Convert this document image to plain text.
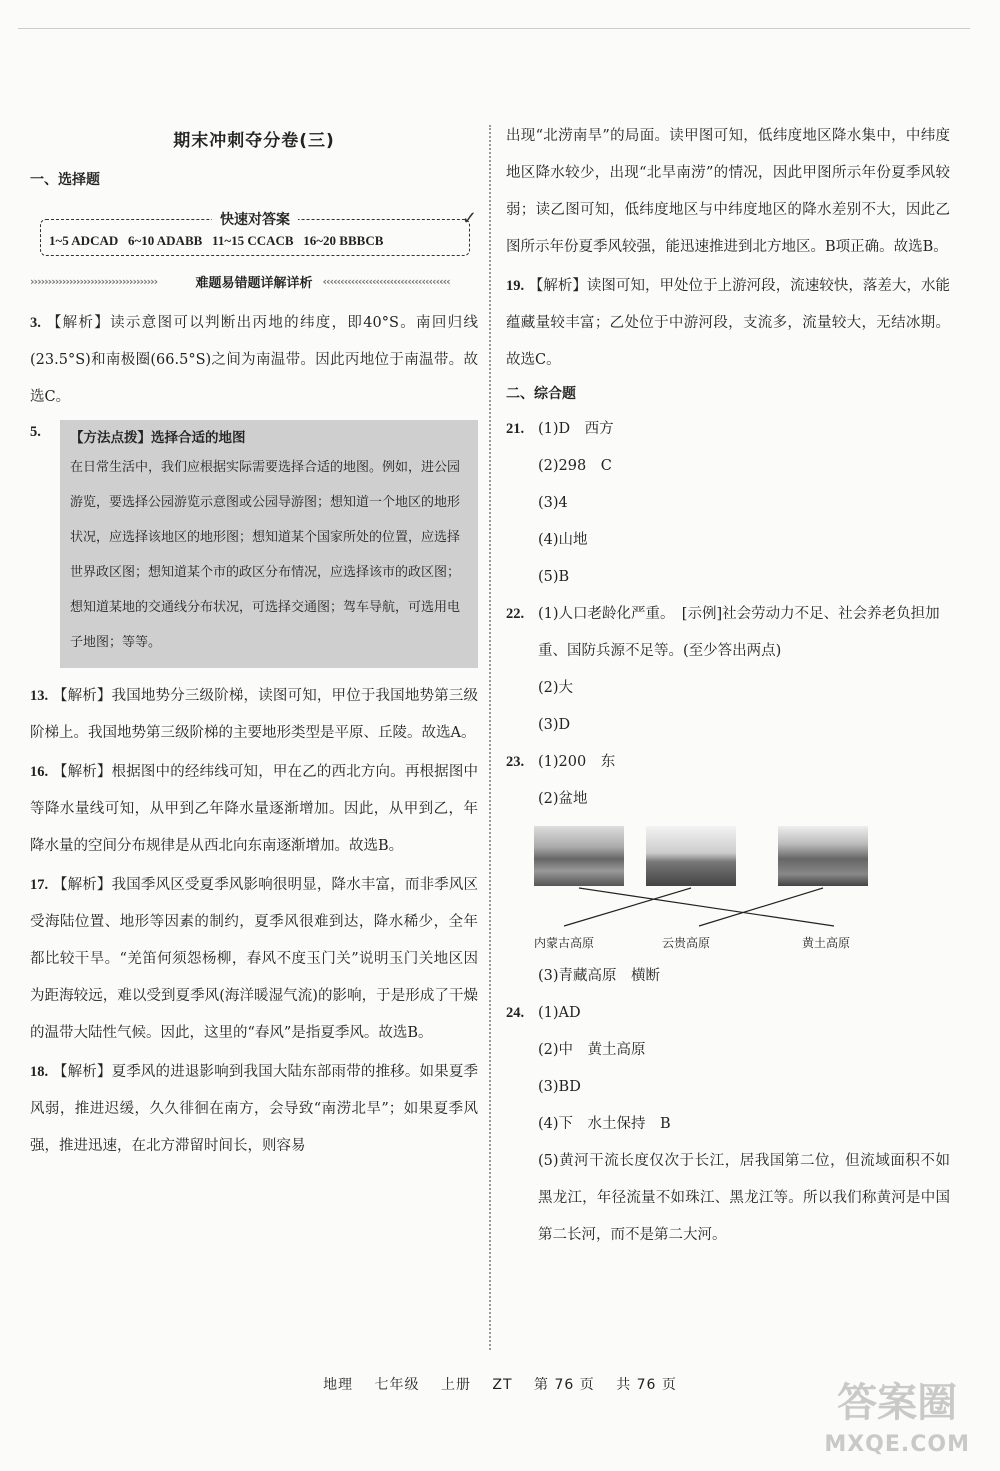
期末冲刺夺分卷(三)
一、选择题
快速对答案	✓
1~5 ADCAD   6~10 ADABB   11~15 CCACB   16~20 BBBCB
››››››››››››››››››››››››››››››››››››	难题易错题详解详析 ‹‹‹‹‹‹‹‹‹‹‹‹‹‹‹‹‹‹‹‹‹‹‹‹‹‹‹‹‹‹‹‹‹‹‹‹
3. 【解析】读示意图可以判断出丙地的纬度，即40°S。南回归线(23.5°S)和南极圈(66.5°S)之间为南温带。因此丙地位于南温带。故选C。
5. 【方法点拨】选择合适的地图
在日常生活中，我们应根据实际需要选择合适的地图。例如，进公园游览，要选择公园游览示意图或公园导游图；想知道一个地区的地形状况，应选择该地区的地形图；想知道某个国家所处的位置，应选择世界政区图；想知道某个市的政区分布情况，应选择该市的政区图；想知道某地的交通线分布状况，可选择交通图；驾车导航，可选用电子地图；等等。
13. 【解析】我国地势分三级阶梯，读图可知，甲位于我国地势第三级阶梯上。我国地势第三级阶梯的主要地形类型是平原、丘陵。故选A。
16. 【解析】根据图中的经纬线可知，甲在乙的西北方向。再根据图中等降水量线可知，从甲到乙年降水量逐渐增加。因此，从甲到乙，年降水量的空间分布规律是从西北向东南逐渐增加。故选B。
17. 【解析】我国季风区受夏季风影响很明显，降水丰富，而非季风区受海陆位置、地形等因素的制约，夏季风很难到达，降水稀少，全年都比较干旱。“羌笛何须怨杨柳，春风不度玉门关”说明玉门关地区因为距海较远，难以受到夏季风(海洋暖湿气流)的影响，于是形成了干燥的温带大陆性气候。因此，这里的“春风”是指夏季风。故选B。
18. 【解析】夏季风的进退影响到我国大陆东部雨带的推移。如果夏季风弱，推进迟缓，久久徘徊在南方，会导致“南涝北旱”；如果夏季风强，推进迅速，在北方滞留时间长，则容易
出现“北涝南旱”的局面。读甲图可知，低纬度地区降水集中，中纬度地区降水较少，出现“北旱南涝”的情况，因此甲图所示年份夏季风较弱；读乙图可知，低纬度地区与中纬度地区的降水差别不大，因此乙图所示年份夏季风较强，能迅速推进到北方地区。B项正确。故选B。
19. 【解析】读图可知，甲处位于上游河段，流速较快，落差大，水能蕴藏量较丰富；乙处位于中游河段，支流多，流量较大，无结冰期。故选C。
二、综合题
21. (1)D　西方
(2)298　C
(3)4
(4)山地
(5)B
22. (1)人口老龄化严重。　[示例]社会劳动力不足、社会养老负担加重、国防兵源不足等。(至少答出两点)
(2)大
(3)D
23. (1)200　东
(2)盆地
内蒙古高原	云贵高原	黄土高原
(3)青藏高原　横断
24. (1)AD
(2)中　黄土高原
(3)BD
(4)下　水土保持　B
(5)黄河干流长度仅次于长江，居我国第二位，但流域面积不如黑龙江，年径流量不如珠江、黑龙江等。所以我们称黄河是中国第二长河，而不是第二大河。
地理 七年级 上册 ZT 第 76 页 共 76 页	答案圈
MXQE.COM
